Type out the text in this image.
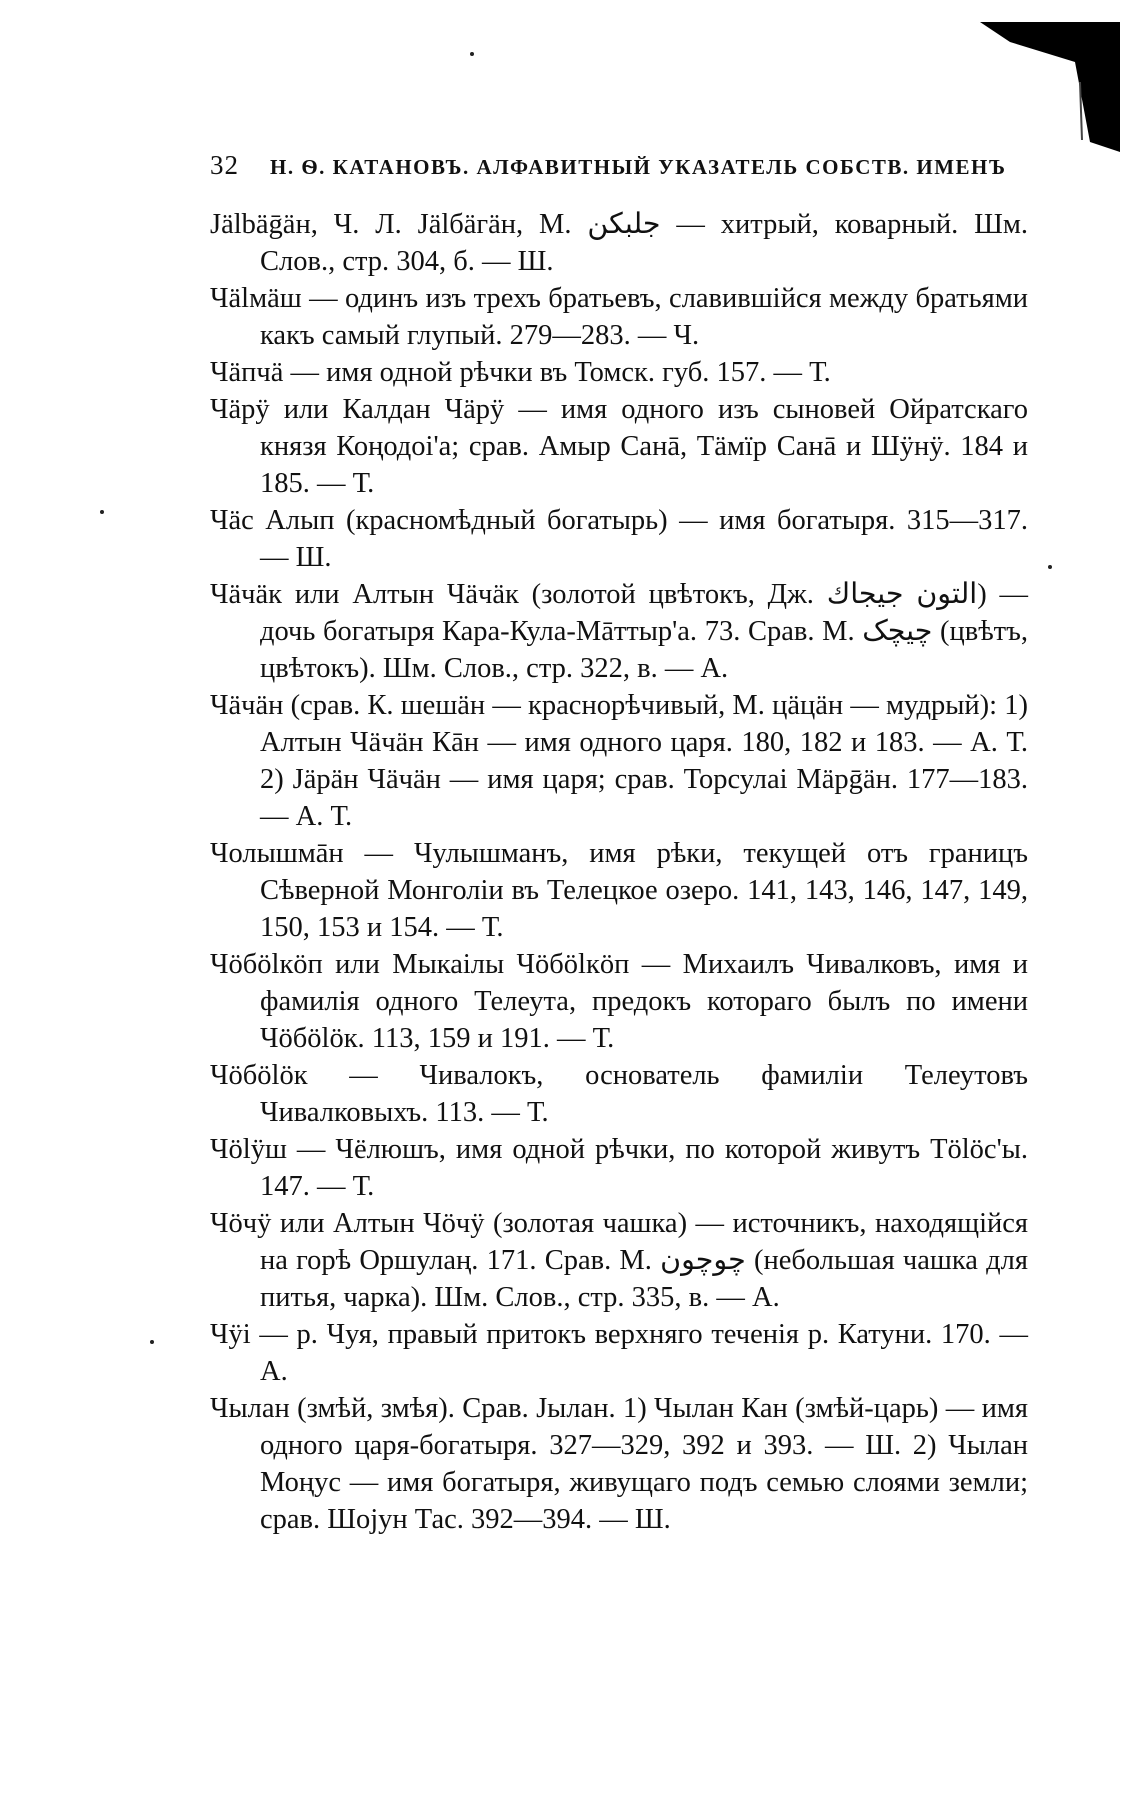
32 Н. Ѳ. КАТАНОВЪ. АЛФАВИТНЫЙ УКАЗАТЕЛЬ СОБСТВ. ИМЕНЪ

Jälbäḡäн, Ч. Л. Jälбäгäн, М. جلبکن — хитрый, коварный. Шм. Слов., стр. 304, б. — Ш.

Чälмäш — одинъ изъ трехъ братьевъ, славившійся между братьями какъ самый глупый. 279—283. — Ч.

Чäпчä — имя одной рѣчки въ Томск. губ. 157. — Т.

Чäрÿ или Калдан Чäрÿ — имя одного изъ сыновей Ойратскаго князя Коңодоі'а; срав. Амыр Санā, Тäмïр Санā и Шÿнÿ. 184 и 185. — Т.

Чäс Алып (красномѣдный богатырь) — имя богатыря. 315—317. — Ш.

Чäчäк или Алтын Чäчäк (золотой цвѣтокъ, Дж. التون جیجاك) — дочь богатыря Кара-Кула-Мāттыр'а. 73. Срав. М. چیچک (цвѣтъ, цвѣтокъ). Шм. Слов., стр. 322, в. — А.

Чäчäн (срав. К. шешäн — краснорѣчивый, М. цäцäн — мудрый): 1) Алтын Чäчäн Кāн — имя одного царя. 180, 182 и 183. — А. Т. 2) Jäрäн Чäчäн — имя царя; срав. Торсулаі Мäрḡäн. 177—183. — А. Т.

Чолышмāн — Чулышманъ, имя рѣки, текущей отъ границъ Сѣверной Монголіи въ Телецкое озеро. 141, 143, 146, 147, 149, 150, 153 и 154. — Т.

Чöбölкöп или Мыкаілы Чöбölкöп — Михаилъ Чивалковъ, имя и фамилія одного Телеута, предокъ котораго былъ по имени Чöбölöк. 113, 159 и 191. — Т.

Чöбölöк — Чивалокъ, основатель фамиліи Телеутовъ Чивалковыхъ. 113. — Т.

Чölÿш — Чёлюшъ, имя одной рѣчки, по которой живутъ Tölöc'ы. 147. — Т.

Чöчÿ или Алтын Чöчÿ (золотая чашка) — источникъ, находящійся на горѣ Оршулаң. 171. Срав. М. چوچون (небольшая чашка для питья, чарка). Шм. Слов., стр. 335, в. — А.

Чÿі — р. Чуя, правый притокъ верхняго теченія р. Катуни. 170. — А.

Чылан (змѣй, змѣя). Срав. Jылан. 1) Чылан Кан (змѣй-царь) — имя одного царя-богатыря. 327—329, 392 и 393. — Ш. 2) Чылан Моңус — имя богатыря, живущаго подъ семью слоями земли; срав. Шојун Тас. 392—394. — Ш.
